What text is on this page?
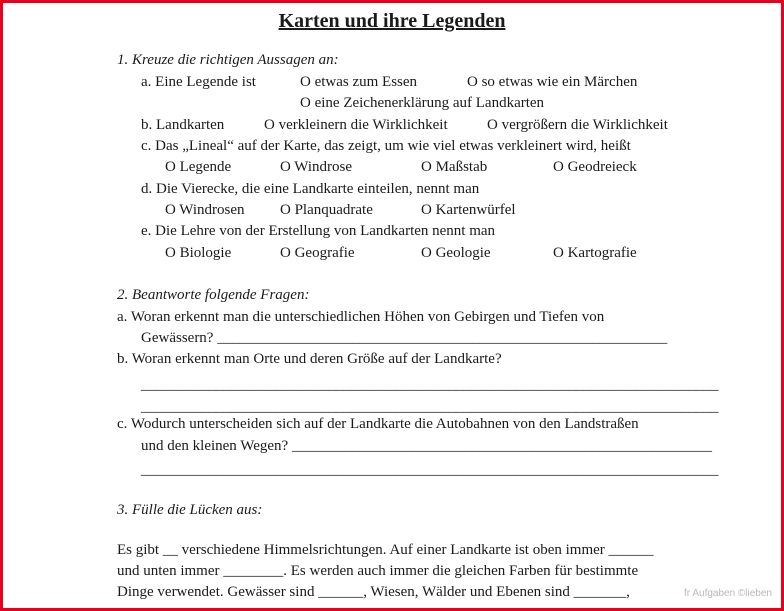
Karten und ihre Legenden
1. Kreuze die richtigen Aussagen an:
a. Eine Legende ist	O etwas zum Essen	O so etwas wie ein Märchen
O eine Zeichenerklärung auf Landkarten
b. Landkarten	O verkleinern die Wirklichkeit	O vergrößern die Wirklichkeit
c. Das „Lineal“ auf der Karte, das zeigt, um wie viel etwas verkleinert wird, heißt
O Legende	O Windrose	O Maßstab	O Geodreieck
d. Die Vierecke, die eine Landkarte einteilen, nennt man
O Windrosen O Planquadrate	O Kartenwürfel
e. Die Lehre von der Erstellung von Landkarten nennt man
O Biologie	O Geografie	O Geologie	O Kartografie
2. Beantworte folgende Fragen:
a. Woran erkennt man die unterschiedlichen Höhen von Gebirgen und Tiefen von
Gewässern? ____________________________________________________________
b. Woran erkennt man Orte und deren Größe auf der Landkarte?
_____________________________________________________________________________
_____________________________________________________________________________
c. Wodurch unterscheiden sich auf der Landkarte die Autobahnen von den Landstraßen
und den kleinen Wegen? ________________________________________________________
_____________________________________________________________________________
3. Fülle die Lücken aus:
Es gibt __ verschiedene Himmelsrichtungen. Auf einer Landkarte ist oben immer ______
und unten immer ________. Es werden auch immer die gleichen Farben für bestimmte
Dinge verwendet. Gewässer sind ______, Wiesen, Wälder und Ebenen sind _______,	fr Aufgaben ©lieben
